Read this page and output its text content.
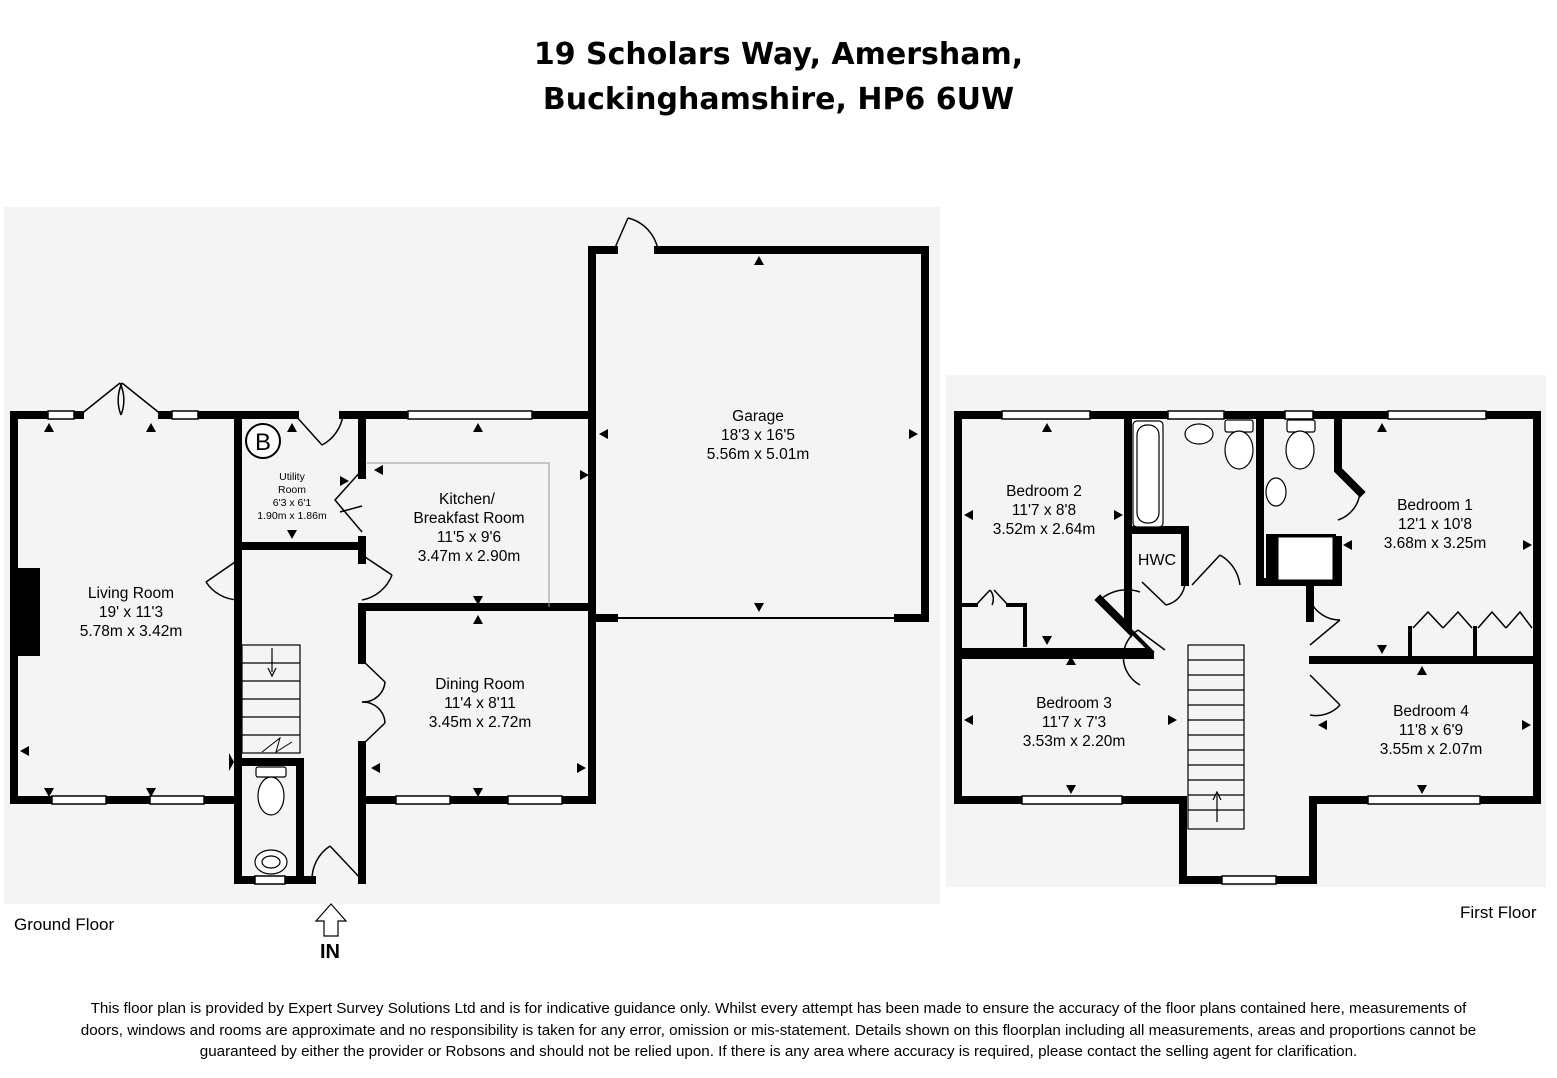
19 Scholars Way, Amersham,
Buckinghamshire, HP6 6UW
B
Living Room
19' x 11'3
5.78m x 3.42m
Utility
Room
6'3 x 6'1
1.90m x 1.86m
Kitchen/
Breakfast Room
11'5 x 9'6
3.47m x 2.90m
Dining Room
11'4 x 8'11
3.45m x 2.72m
Garage
18'3 x 16'5
5.56m x 5.01m
IN
HWC
Bedroom 2
11'7 x 8'8
3.52m x 2.64m
Bedroom 1
12'1 x 10'8
3.68m x 3.25m
Bedroom 3
11'7 x 7'3
3.53m x 2.20m
Bedroom 4
11'8 x 6'9
3.55m x 2.07m
Ground Floor
First Floor
This floor plan is provided by Expert Survey Solutions Ltd and is for indicative guidance only. Whilst every attempt has been made to ensure the accuracy of the floor plans contained here, measurements of
doors, windows and rooms are approximate and no responsibility is taken for any error, omission or mis-statement. Details shown on this floorplan including all measurements, areas and proportions cannot be
guaranteed by either the provider or Robsons and should not be relied upon. If there is any area where accuracy is required, please contact the selling agent for clarification.
